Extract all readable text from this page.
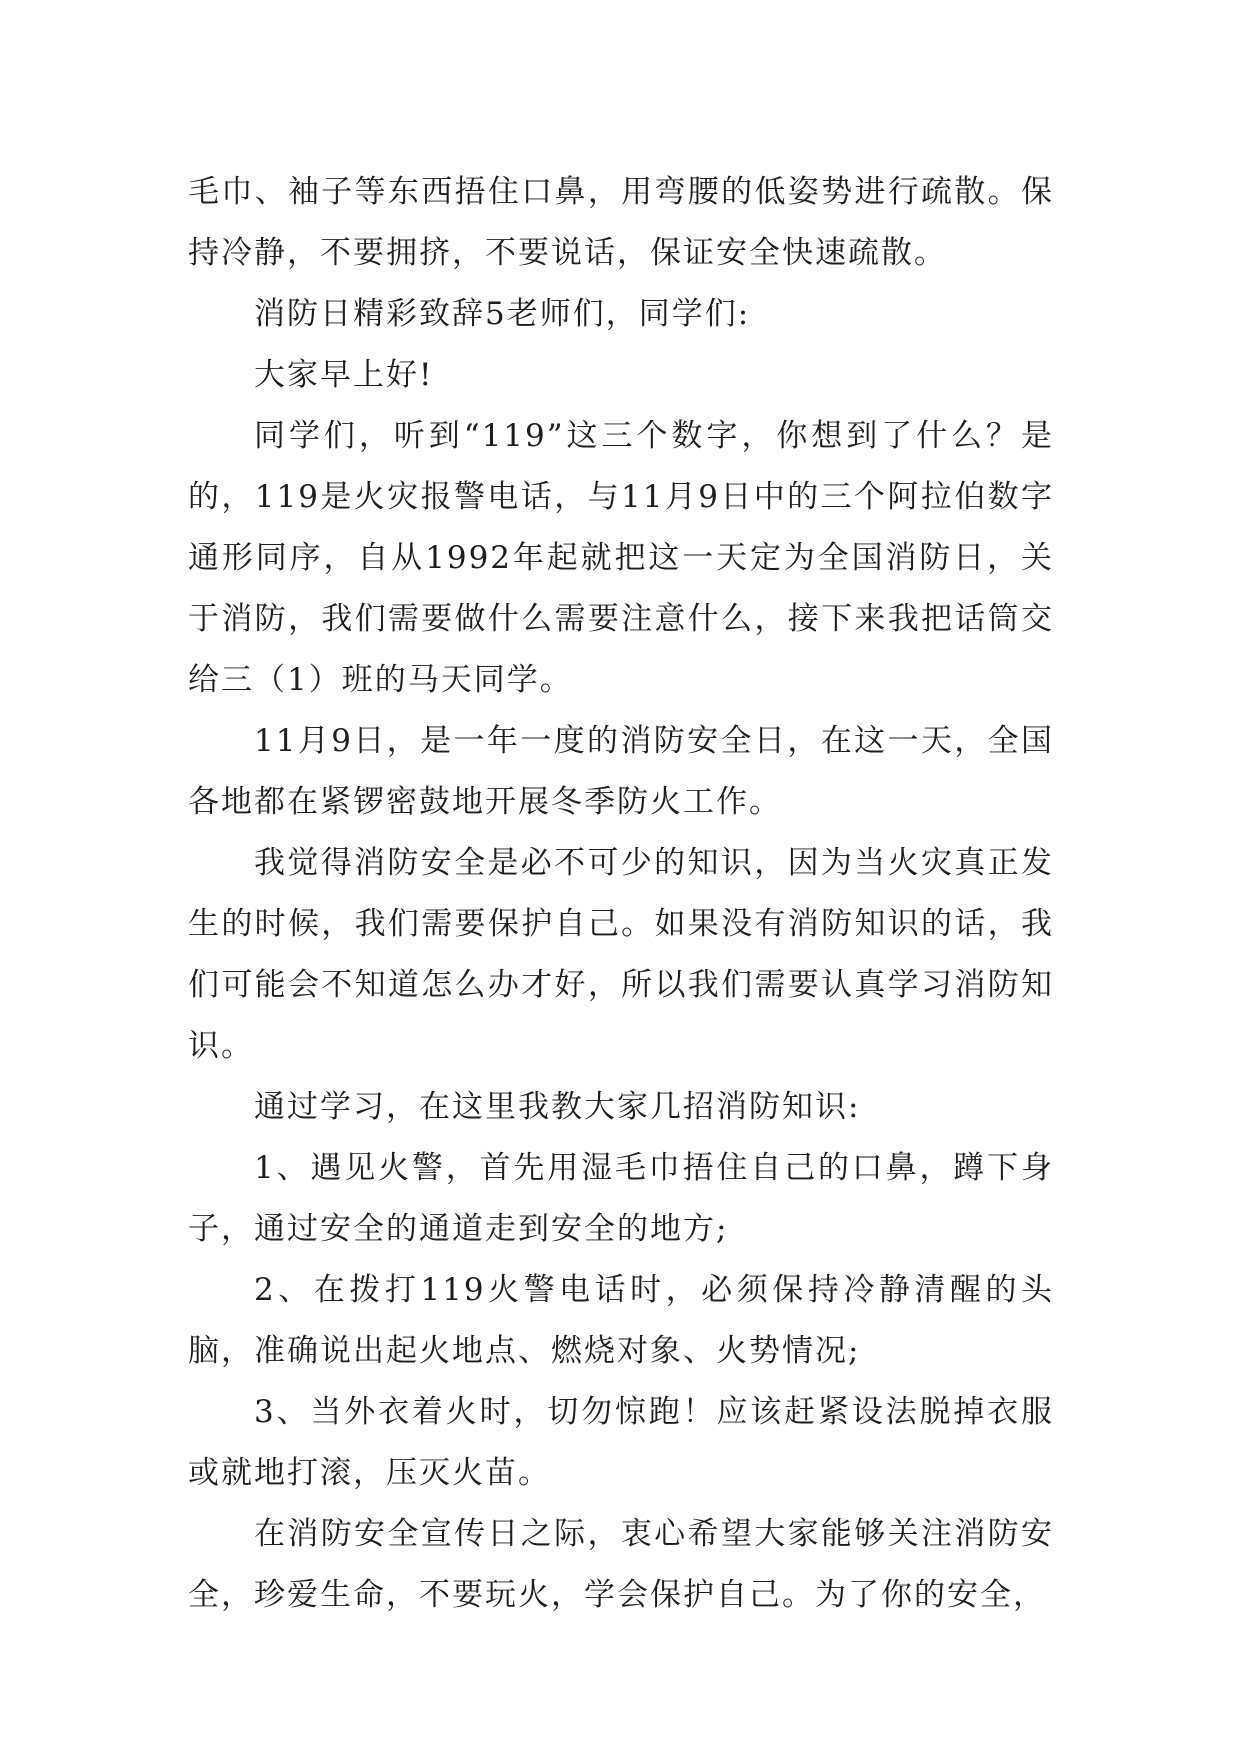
毛巾、袖子等东西捂住口鼻，用弯腰的低姿势进行疏散。保持冷静，不要拥挤，不要说话，保证安全快速疏散。

消防日精彩致辞5老师们，同学们:

大家早上好!

同学们，听到“119”这三个数字，你想到了什么？是的，119是火灾报警电话，与11月9日中的三个阿拉伯数字通形同序，自从1992年起就把这一天定为全国消防日，关于消防，我们需要做什么需要注意什么，接下来我把话筒交给三（1）班的马天同学。

11月9日，是一年一度的消防安全日，在这一天，全国各地都在紧锣密鼓地开展冬季防火工作。

我觉得消防安全是必不可少的知识，因为当火灾真正发生的时候，我们需要保护自己。如果没有消防知识的话，我们可能会不知道怎么办才好，所以我们需要认真学习消防知识。

通过学习，在这里我教大家几招消防知识:

1、遇见火警，首先用湿毛巾捂住自己的口鼻，蹲下身子，通过安全的通道走到安全的地方;

2、在拨打119火警电话时，必须保持冷静清醒的头脑，准确说出起火地点、燃烧对象、火势情况;

3、当外衣着火时，切勿惊跑！应该赶紧设法脱掉衣服或就地打滚，压灭火苗。

在消防安全宣传日之际，衷心希望大家能够关注消防安全，珍爱生命，不要玩火，学会保护自己。为了你的安全，
